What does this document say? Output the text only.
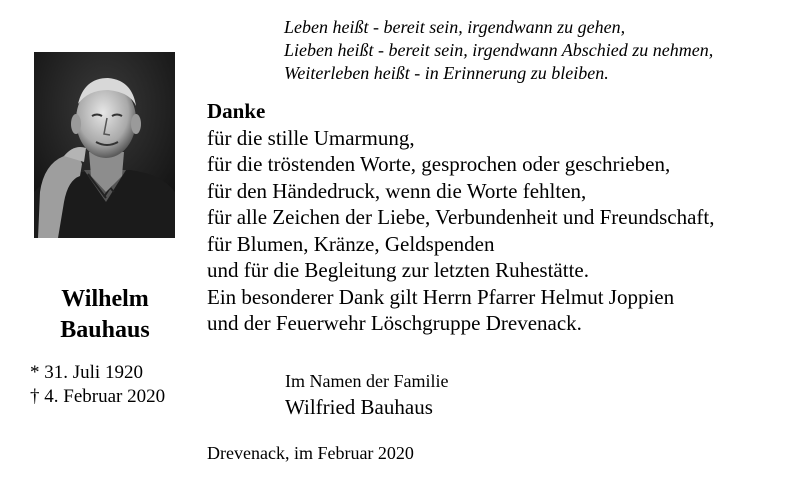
Wilhelm
Bauhaus
* 31. Juli 1920
† 4. Februar 2020
Leben heißt - bereit sein, irgendwann zu gehen,
Lieben heißt - bereit sein, irgendwann Abschied zu nehmen,
Weiterleben heißt - in Erinnerung zu bleiben.
Danke
für die stille Umarmung,
für die tröstenden Worte, gesprochen oder geschrieben,
für den Händedruck, wenn die Worte fehlten,
für alle Zeichen der Liebe, Verbundenheit und Freundschaft,
für Blumen, Kränze, Geldspenden
und für die Begleitung zur letzten Ruhestätte.
Ein besonderer Dank gilt Herrn Pfarrer Helmut Joppien
und der Feuerwehr Löschgruppe Drevenack.
Im Namen der Familie
Wilfried Bauhaus
Drevenack, im Februar 2020
